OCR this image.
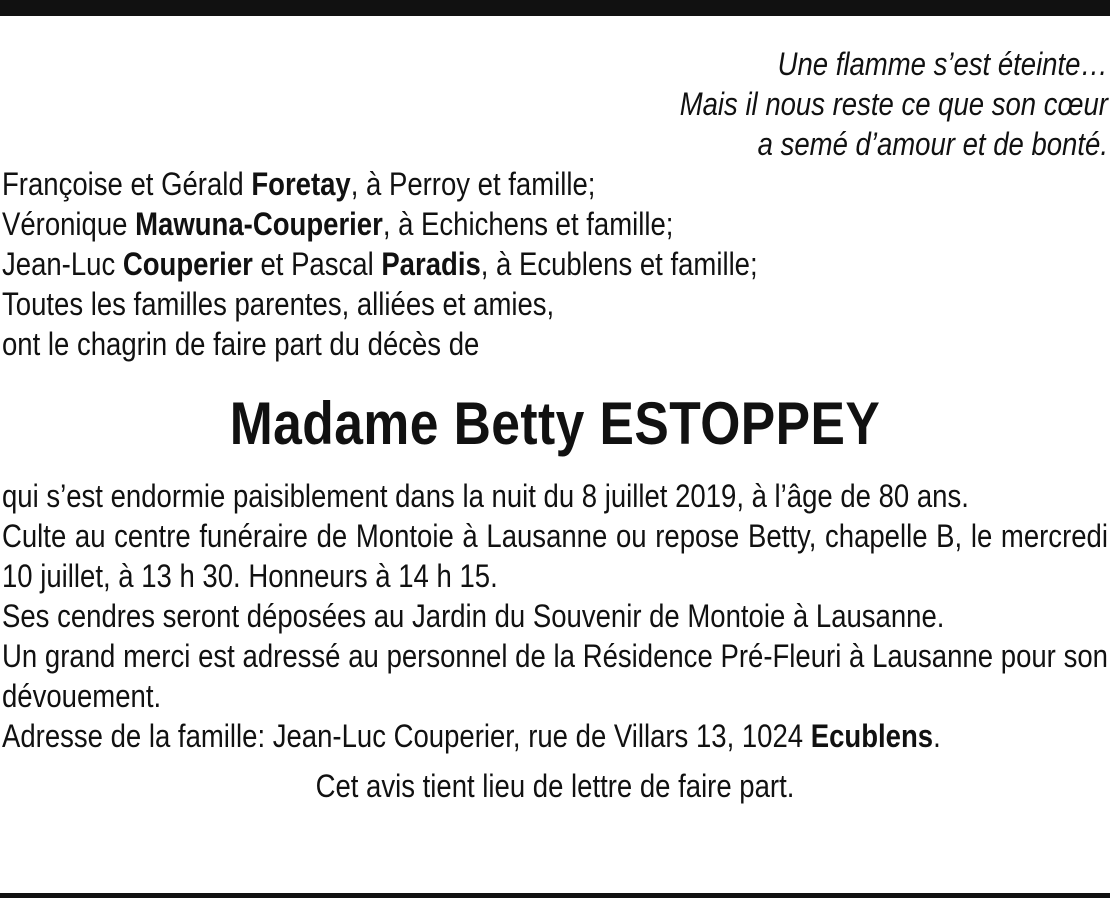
Une flamme s’est éteinte…
Mais il nous reste ce que son cœur
a semé d’amour et de bonté.
Françoise et Gérald Foretay, à Perroy et famille;
Véronique Mawuna-Couperier, à Echichens et famille;
Jean-Luc Couperier et Pascal Paradis, à Ecublens et famille;
Toutes les familles parentes, alliées et amies,
ont le chagrin de faire part du décès de
Madame Betty ESTOPPEY
qui s’est endormie paisiblement dans la nuit du 8 juillet 2019, à l’âge de 80 ans.
Culte au centre funéraire de Montoie à Lausanne ou repose Betty, chapelle B, le mercredi 10 juillet, à 13 h 30. Honneurs à 14 h 15.
Ses cendres seront déposées au Jardin du Souvenir de Montoie à Lausanne.
Un grand merci est adressé au personnel de la Résidence Pré-Fleuri à Lausanne pour son dévouement.
Adresse de la famille: Jean-Luc Couperier, rue de Villars 13, 1024 Ecublens.
Cet avis tient lieu de lettre de faire part.
